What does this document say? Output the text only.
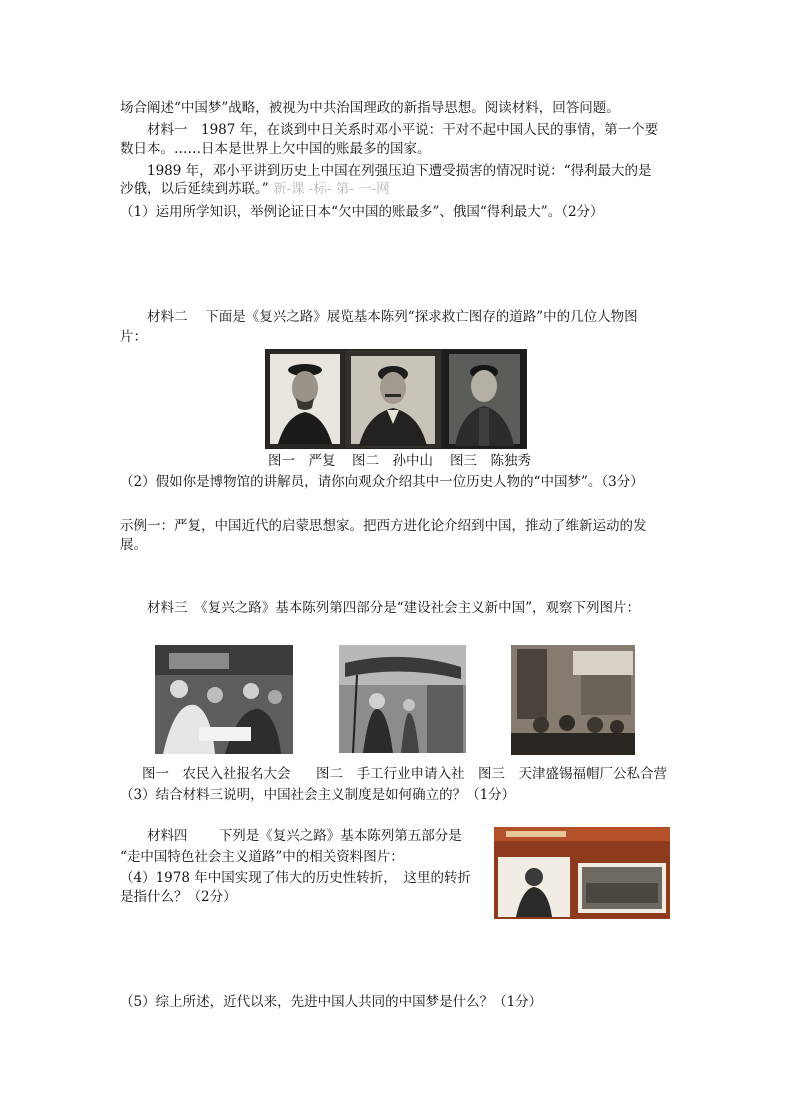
场合阐述“中国梦”战略，被视为中共治国理政的新指导思想。阅读材料，回答问题。
材料一　1987 年，在谈到中日关系时邓小平说：干对不起中国人民的事情，第一个要
数日本。……日本是世界上欠中国的账最多的国家。
1989 年，邓小平讲到历史上中国在列强压迫下遭受损害的情况时说：“得利最大的是
沙俄，以后延续到苏联。” 新-课 -标- 第- 一-网
（1）运用所学知识，举例论证日本“欠中国的账最多”、俄国“得利最大”。（2分）
材料二　 下面是《复兴之路》展览基本陈列“探求救亡图存的道路”中的几位人物图
片：
图一　严复 图二　孙中山 图三　陈独秀
（2）假如你是博物馆的讲解员，请你向观众介绍其中一位历史人物的“中国梦”。（3分）
示例一：严复，中国近代的启蒙思想家。把西方进化论介绍到中国，推动了维新运动的发
展。
材料三　《复兴之路》基本陈列第四部分是“建设社会主义新中国”，观察下列图片：
图一　农民入社报名大会 图二　手工行业申请入社 图三　天津盛锡福帽厂公私合营
（3）结合材料三说明，中国社会主义制度是如何确立的？（1分）
材料四　　 下列是《复兴之路》基本陈列第五部分是
“走中国特色社会主义道路”中的相关资料图片：
（4）1978 年中国实现了伟大的历史性转折，　这里的转折
是指什么？（2分）
（5）综上所述，近代以来，先进中国人共同的中国梦是什么？（1分）
